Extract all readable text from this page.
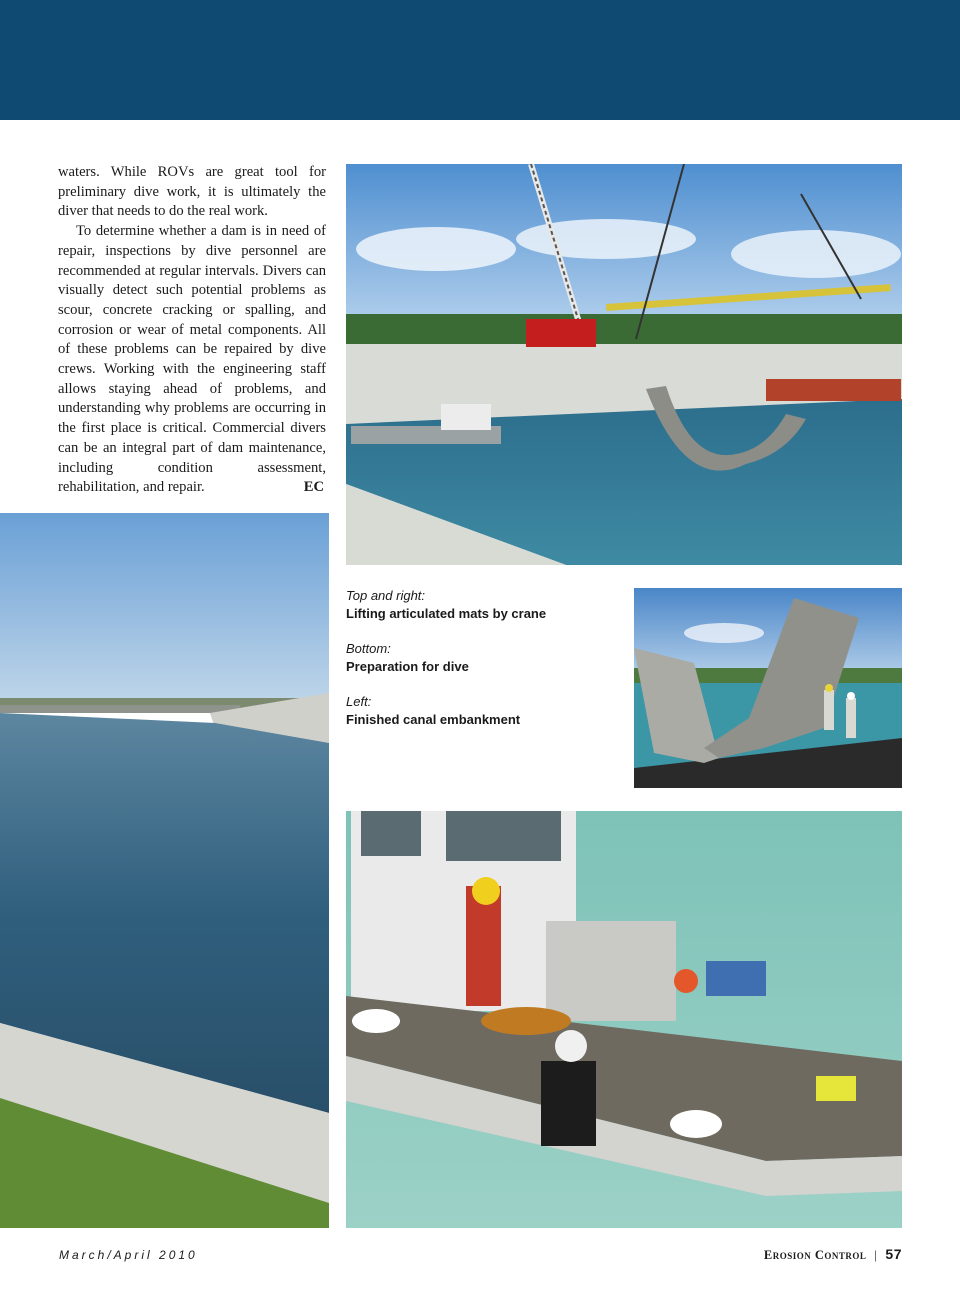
waters. While ROVs are great tool for preliminary dive work, it is ultimately the diver that needs to do the real work.

To determine whether a dam is in need of repair, inspections by dive personnel are recommended at regular intervals. Divers can visually detect such potential problems as scour, concrete cracking or spalling, and corrosion or wear of metal components. All of these problems can be repaired by dive crews. Working with the engineering staff allows staying ahead of problems, and understanding why problems are occurring in the first place is critical. Commercial divers can be an integral part of dam maintenance, including condition assessment, rehabilitation, and repair.	EC

Top and right:
Lifting articulated mats by crane
Bottom:
Preparation for dive
Left:
Finished canal embankment
March/April 2010	Erosion Control | 57
